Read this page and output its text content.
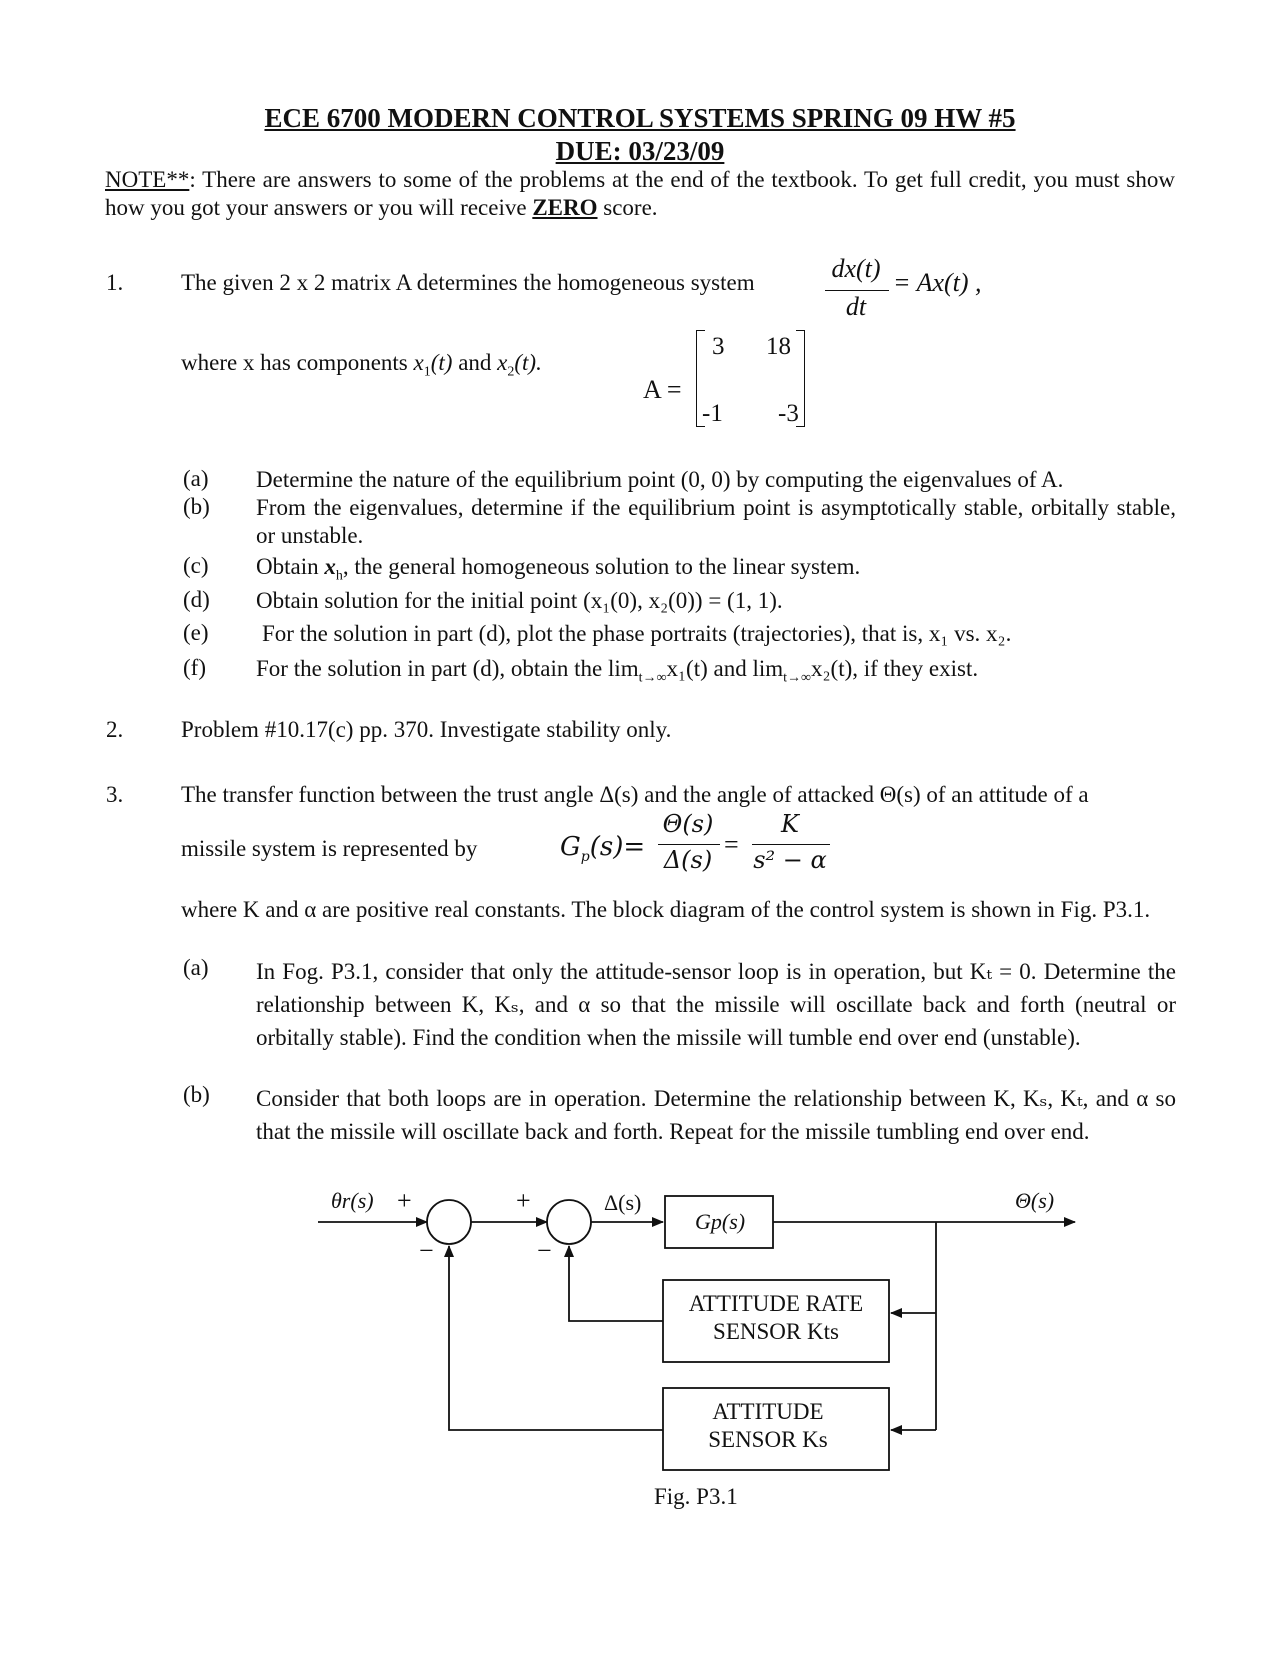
ECE 6700 MODERN CONTROL SYSTEMS SPRING 09 HW #5
DUE: 03/23/09
NOTE**: There are answers to some of the problems at the end of the textbook. To get full credit, you must show how you got your answers or you will receive ZERO score.
1.	The given 2 x 2 matrix A determines the homogeneous system	dx(t)
dt
= Ax(t) ,
where x has components $x_1(t)$ and $x_2(t)$.
A =
3 18
-1 -3
(a) Determine the nature of the equilibrium point (0, 0) by computing the eigenvalues of A.
(b) From the eigenvalues, determine if the equilibrium point is asymptotically stable, orbitally stable, or unstable.
(c) Obtain $x_h$, the general homogeneous solution to the linear system.
(d) Obtain solution for the initial point (x₁(0), x₂(0)) = (1, 1).
(e) For the solution in part (d), plot the phase portraits (trajectories), that is, x₁ vs. x₂.
(f) For the solution in part (d), obtain the $\lim_{t\to\infty}x_1(t)$ and $\lim_{t\to\infty}x_2(t)$, if they exist.
2.	Problem #10.17(c) pp. 370. Investigate stability only.
3.	The transfer function between the trust angle Δ(s) and the angle of attacked Θ(s) of an attitude of a
missile system is represented by	$G_p(s)=$
Θ(s)
Δ(s)
=
K
s² − α
where K and α are positive real constants. The block diagram of the control system is shown in Fig. P3.1.
(a) In Fog. P3.1, consider that only the attitude-sensor loop is in operation, but Kₜ = 0. Determine the relationship between K, Kₛ, and α so that the missile will oscillate back and forth (neutral or orbitally stable). Find the condition when the missile will tumble end over end (unstable).
(b) Consider that both loops are in operation. Determine the relationship between K, Kₛ, Kₜ, and α so that the missile will oscillate back and forth. Repeat for the missile tumbling end over end.
θr(s) +
−
+
−
Δ(s)
Gp(s)
Θ(s)
ATTITUDE RATE
SENSOR Kts
ATTITUDE
SENSOR Ks
Fig. P3.1
